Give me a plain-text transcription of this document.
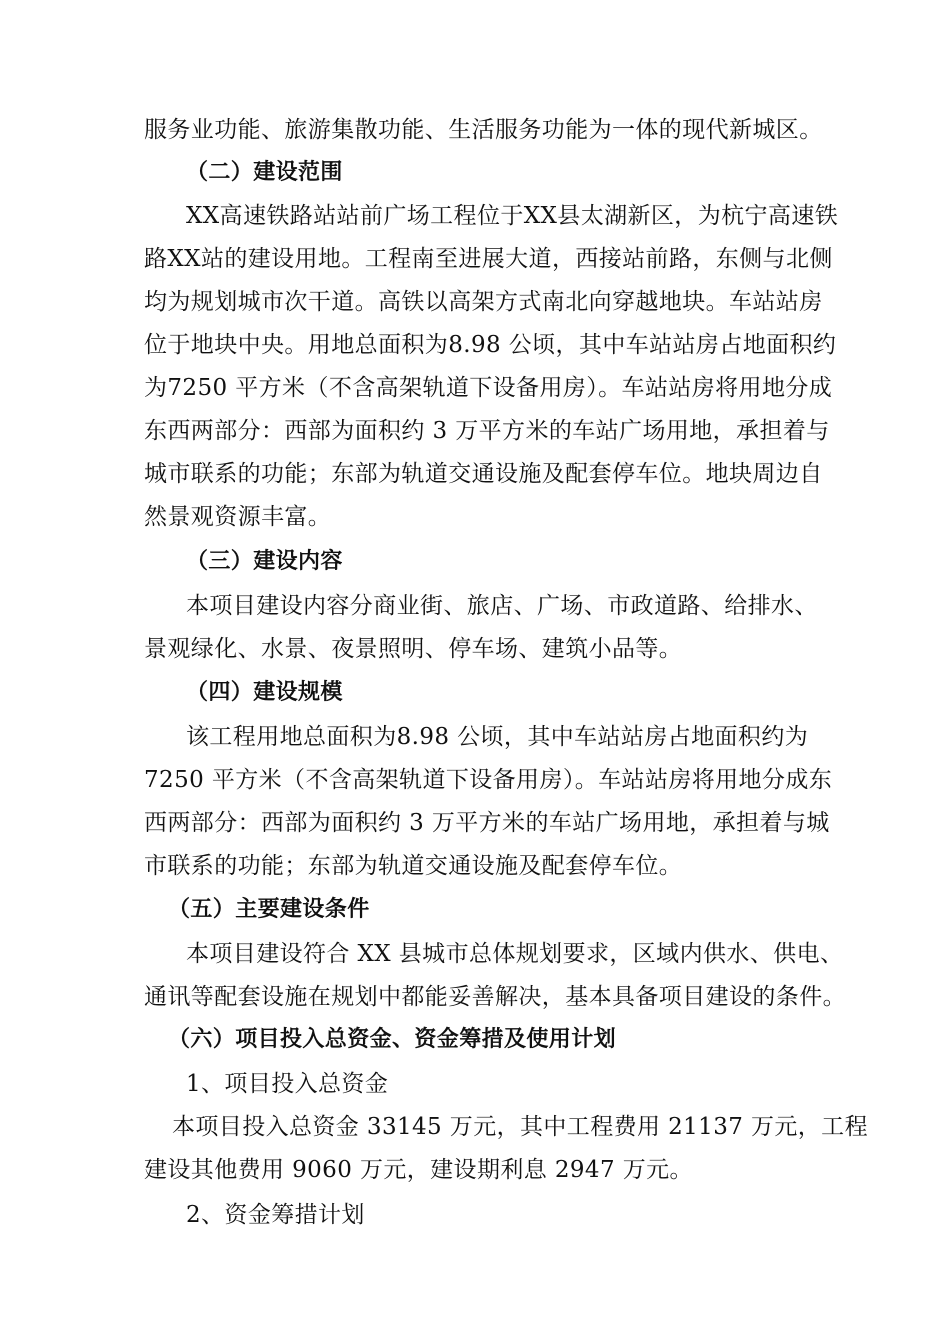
服务业功能、旅游集散功能、生活服务功能为一体的现代新城区。
（二）建设范围
XX高速铁路站站前广场工程位于XX县太湖新区，为杭宁高速铁
路XX站的建设用地。工程南至进展大道，西接站前路，东侧与北侧
均为规划城市次干道。高铁以高架方式南北向穿越地块。车站站房
位于地块中央。用地总面积为8.98 公顷，其中车站站房占地面积约
为7250 平方米（不含高架轨道下设备用房）。车站站房将用地分成
东西两部分：西部为面积约 3 万平方米的车站广场用地，承担着与
城市联系的功能；东部为轨道交通设施及配套停车位。地块周边自
然景观资源丰富。
（三）建设内容
本项目建设内容分商业街、旅店、广场、市政道路、给排水、
景观绿化、水景、夜景照明、停车场、建筑小品等。
（四）建设规模
该工程用地总面积为8.98 公顷，其中车站站房占地面积约为
7250 平方米（不含高架轨道下设备用房）。车站站房将用地分成东
西两部分：西部为面积约 3 万平方米的车站广场用地，承担着与城
市联系的功能；东部为轨道交通设施及配套停车位。
（五）主要建设条件
本项目建设符合 XX 县城市总体规划要求，区域内供水、供电、
通讯等配套设施在规划中都能妥善解决，基本具备项目建设的条件。
（六）项目投入总资金、资金筹措及使用计划
1、项目投入总资金
本项目投入总资金 33145 万元，其中工程费用 21137 万元，工程
建设其他费用 9060 万元，建设期利息 2947 万元。
2、资金筹措计划
